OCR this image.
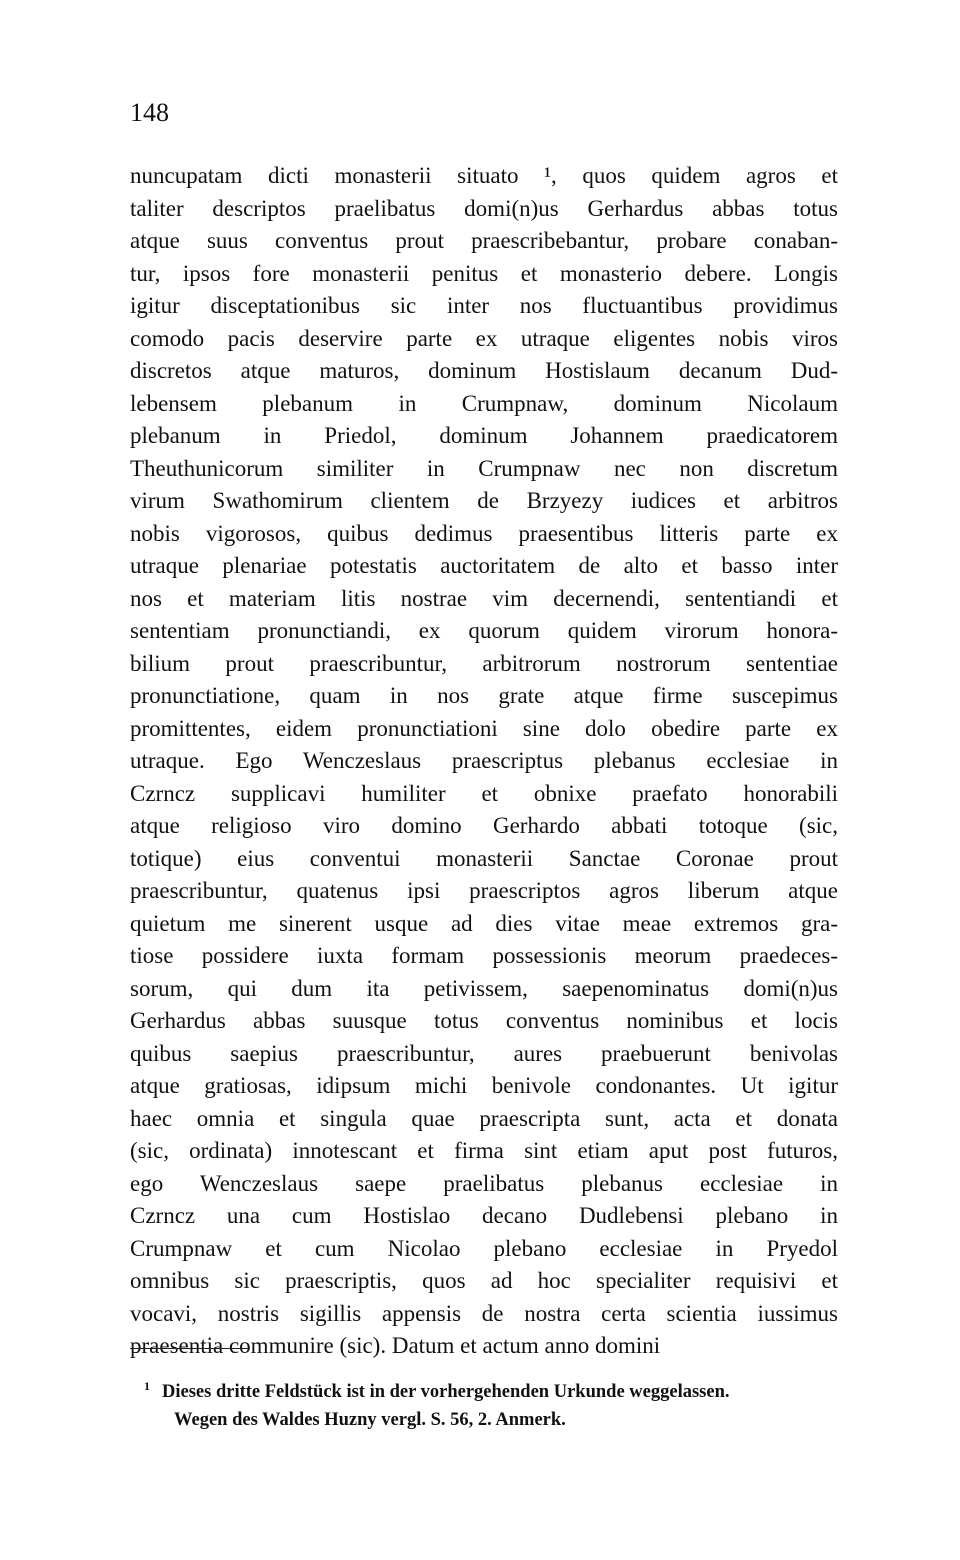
148
nuncupatam dicti monasterii situato ¹, quos quidem agros et
taliter descriptos praelibatus domi(n)us Gerhardus abbas totus
atque suus conventus prout praescribebantur, probare conaban-
tur, ipsos fore monasterii penitus et monasterio debere. Longis
igitur disceptationibus sic inter nos fluctuantibus providimus
comodo pacis deservire parte ex utraque eligentes nobis viros
discretos atque maturos, dominum Hostislaum decanum Dud-
lebensem plebanum in Crumpnaw, dominum Nicolaum
plebanum in Priedol, dominum Johannem praedicatorem
Theuthunicorum similiter in Crumpnaw nec non discretum
virum Swathomirum clientem de Brzyezy iudices et arbitros
nobis vigorosos, quibus dedimus praesentibus litteris parte ex
utraque plenariae potestatis auctoritatem de alto et basso inter
nos et materiam litis nostrae vim decernendi, sententiandi et
sententiam pronunctiandi, ex quorum quidem virorum honora-
bilium prout praescribuntur, arbitrorum nostrorum sententiae
pronunctiatione, quam in nos grate atque firme suscepimus
promittentes, eidem pronunctiationi sine dolo obedire parte ex
utraque. Ego Wenczeslaus praescriptus plebanus ecclesiae in
Czrncz supplicavi humiliter et obnixe praefato honorabili
atque religioso viro domino Gerhardo abbati totoque (sic,
totique) eius conventui monasterii Sanctae Coronae prout
praescribuntur, quatenus ipsi praescriptos agros liberum atque
quietum me sinerent usque ad dies vitae meae extremos gra-
tiose possidere iuxta formam possessionis meorum praedeces-
sorum, qui dum ita petivissem, saepenominatus domi(n)us
Gerhardus abbas suusque totus conventus nominibus et locis
quibus saepius praescribuntur, aures praebuerunt benivolas
atque gratiosas, idipsum michi benivole condonantes. Ut igitur
haec omnia et singula quae praescripta sunt, acta et donata
(sic, ordinata) innotescant et firma sint etiam aput post futuros,
ego Wenczeslaus saepe praelibatus plebanus ecclesiae in
Czrncz una cum Hostislao decano Dudlebensi plebano in
Crumpnaw et cum Nicolao plebano ecclesiae in Pryedol
omnibus sic praescriptis, quos ad hoc specialiter requisivi et
vocavi, nostris sigillis appensis de nostra certa scientia iussimus
praesentia communire (sic). Datum et actum anno domini
$^1$ Dieses dritte Feldstück ist in der vorhergehenden Urkunde weggelassen.
Wegen des Waldes Huzny vergl. S. 56, 2. Anmerk.
